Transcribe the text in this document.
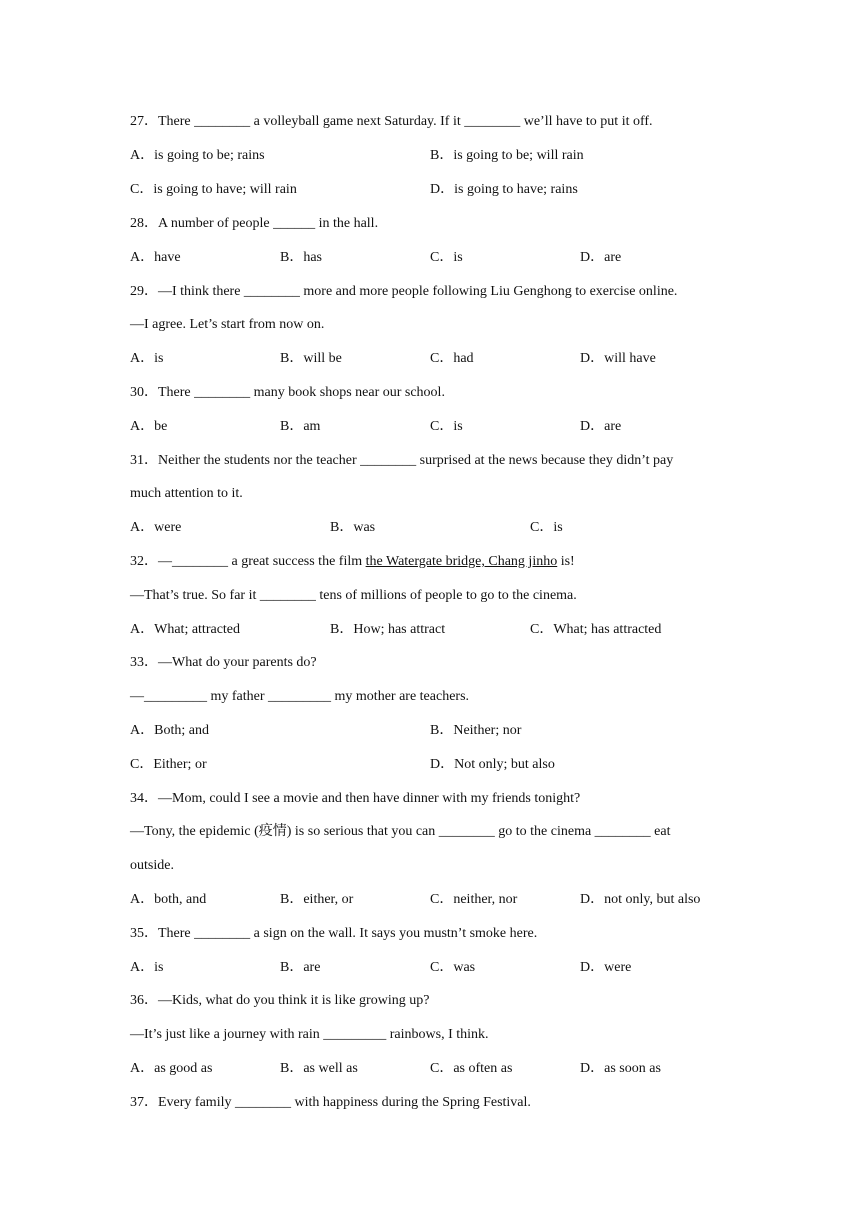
27．There ________ a volleyball game next Saturday. If it ________ we’ll have to put it off.
A．is going to be; rains	B．is going to be; will rain
C．is going to have; will rain	D．is going to have; rains
28．A number of people ______ in the hall.
A．have	B．has	C．is	D．are
29．—I think there ________ more and more people following Liu Genghong to exercise online.
—I agree. Let’s start from now on.
A．is	B．will be	C．had	D．will have
30．There ________ many book shops near our school.
A．be	B．am	C．is	D．are
31．Neither the students nor the teacher ________ surprised at the news because they didn’t pay
much attention to it.
A．were	B．was	C．is
32．—________ a great success the film the Watergate bridge, Chang jinho is!
—That’s true. So far it ________ tens of millions of people to go to the cinema.
A．What; attracted	B．How; has attract	C．What; has attracted
33．—What do your parents do?
—_________ my father _________ my mother are teachers.
A．Both; and	B．Neither; nor
C．Either; or	D．Not only; but also
34．—Mom, could I see a movie and then have dinner with my friends tonight?
—Tony, the epidemic (疫情) is so serious that you can ________ go to the cinema ________ eat
outside.
A．both, and	B．either, or	C．neither, nor	D．not only, but also
35．There ________ a sign on the wall. It says you mustn’t smoke here.
A．is	B．are	C．was	D．were
36．—Kids, what do you think it is like growing up?
—It’s just like a journey with rain _________ rainbows, I think.
A．as good as	B．as well as	C．as often as	D．as soon as
37．Every family ________ with happiness during the Spring Festival.
